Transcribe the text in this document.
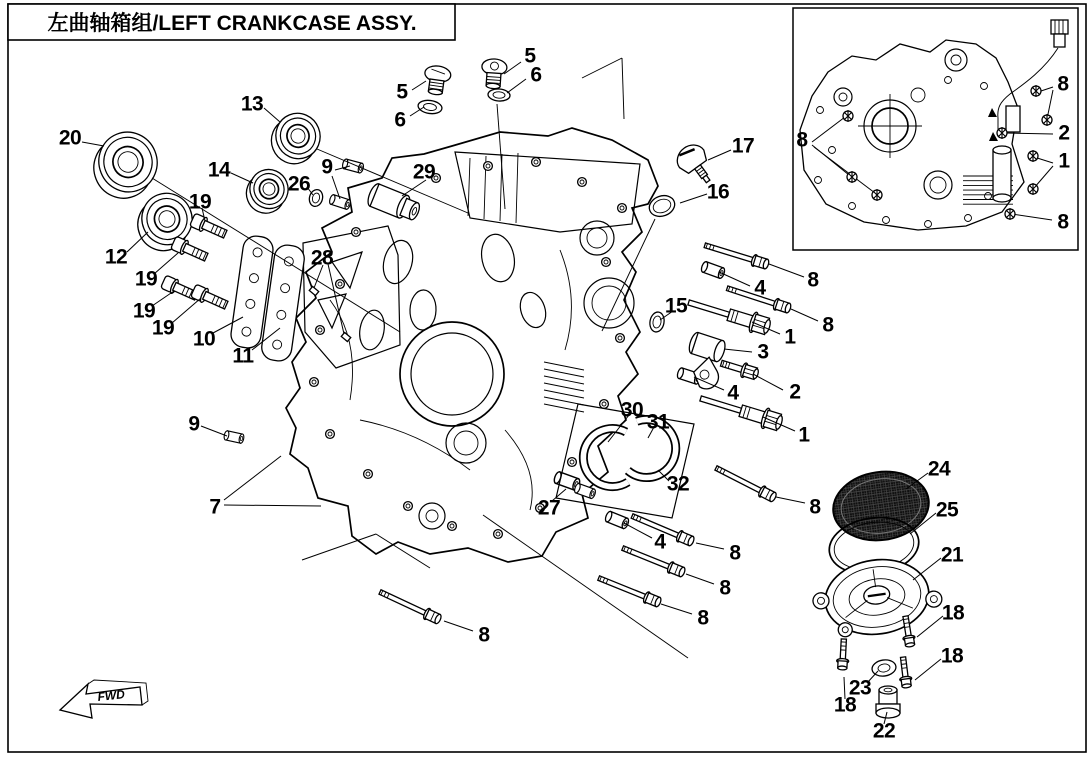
左曲轴箱组/LEFT CRANKCASE ASSY.
5
6
5
6
13
20
14
26
9	29
17
16
12
19
19
19
19 10
11
28
15
3
2
4
4
1
1
8
8
30
31
32
27
9
7
4	8
8
8
8
8
24
25
21
18
18
23
18
22
8
8
2
1
8
FWD
